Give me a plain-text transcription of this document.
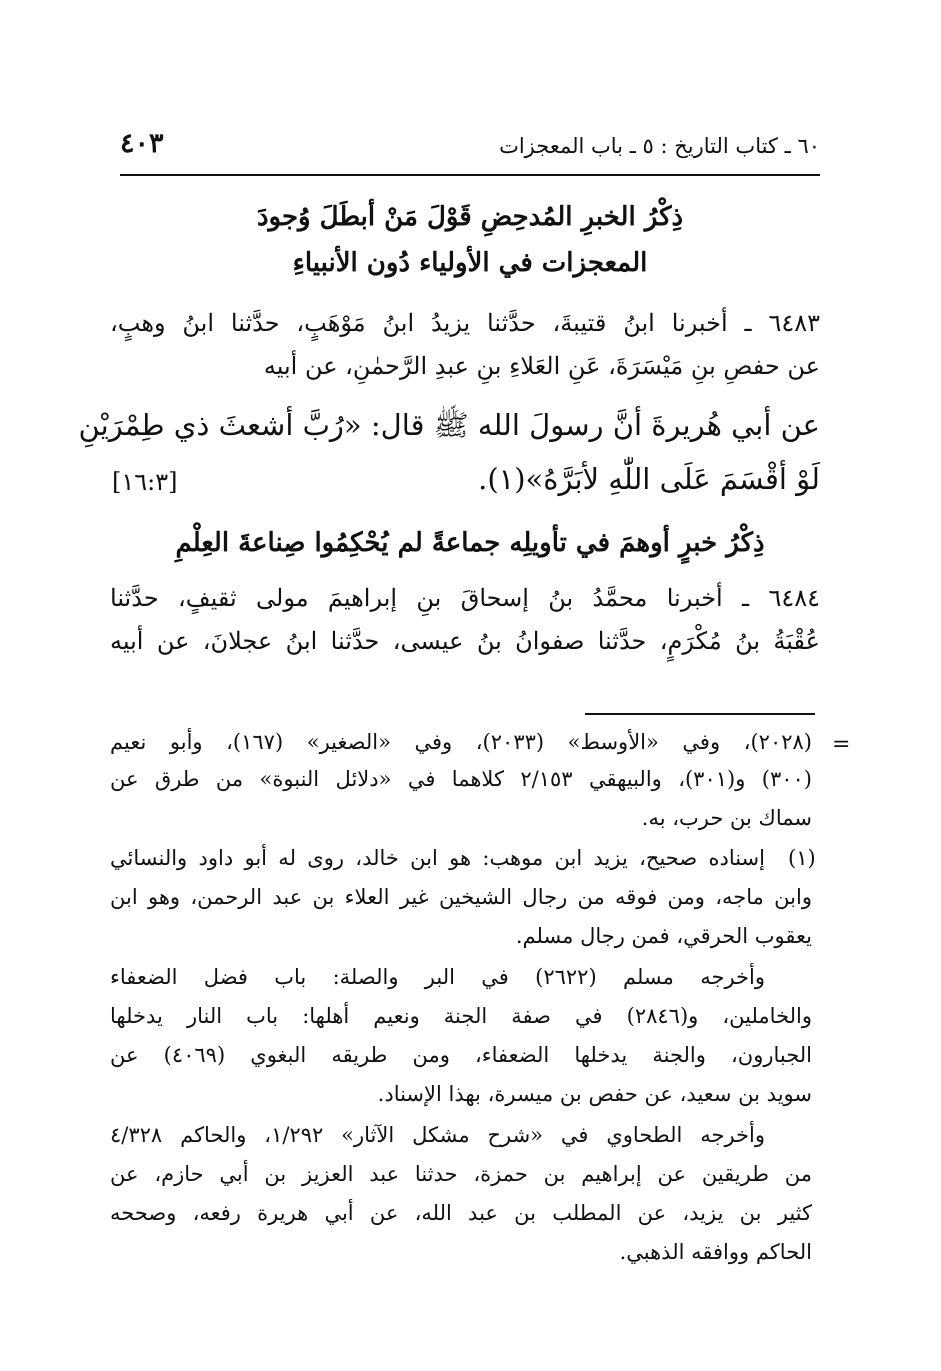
٦٠ ـ كتاب التاريخ : ٥ ـ باب المعجزات
٤٠٣
ذِكْرُ الخبرِ المُدحِضِ قَوْلَ مَنْ أبطَلَ وُجودَ
المعجزات في الأولياء دُون الأنبياءِ
٦٤٨٣ ـ أخبرنا ابنُ قتيبةَ، حدَّثنا يزيدُ ابنُ مَوْهَبٍ، حدَّثنا ابنُ وهبٍ،
عن حفصِ بنِ مَيْسَرَةَ، عَنِ العَلاءِ بنِ عبدِ الرَّحمٰنِ، عن أبيه
عن أبي هُريرةَ أنَّ رسولَ الله ﷺ قال: «رُبَّ أشعثَ ذي طِمْرَيْنِ
لَوْ أقْسَمَ عَلَى اللّٰهِ لأبَرَّهُ»(١).
[١٦:٣]
ذِكْرُ خبرٍ أوهمَ في تأويلِه جماعةً لم يُحْكِمُوا صِناعةَ العِلْمِ
٦٤٨٤ ـ أخبرنا محمَّدُ بنُ إسحاقَ بنِ إبراهيمَ مولى ثقيفٍ، حدَّثنا
عُقْبَةُ بنُ مُكْرَمٍ، حدَّثنا صفوانُ بنُ عيسى، حدَّثنا ابنُ عجلانَ، عن أبيه
=
(٢٠٢٨)، وفي «الأوسط» (٢٠٣٣)، وفي «الصغير» (١٦٧)، وأبو نعيم
(٣٠٠) و(٣٠١)، والبيهقي ٢/١٥٣ كلاهما في «دلائل النبوة» من طرق عن
سماك بن حرب، به.
(١)
إسناده صحيح، يزيد ابن موهب: هو ابن خالد، روى له أبو داود والنسائي
وابن ماجه، ومن فوقه من رجال الشيخين غير العلاء بن عبد الرحمن، وهو ابن
يعقوب الحرقي، فمن رجال مسلم.
وأخرجه مسلم (٢٦٢٢) في البر والصلة: باب فضل الضعفاء
والخاملين، و(٢٨٤٦) في صفة الجنة ونعيم أهلها: باب النار يدخلها
الجبارون، والجنة يدخلها الضعفاء، ومن طريقه البغوي (٤٠٦٩) عن
سويد بن سعيد، عن حفص بن ميسرة، بهذا الإسناد.
وأخرجه الطحاوي في «شرح مشكل الآثار» ١/٢٩٢، والحاكم ٤/٣٢٨
من طريقين عن إبراهيم بن حمزة، حدثنا عبد العزيز بن أبي حازم، عن
كثير بن يزيد، عن المطلب بن عبد الله، عن أبي هريرة رفعه، وصححه
الحاكم ووافقه الذهبي.
